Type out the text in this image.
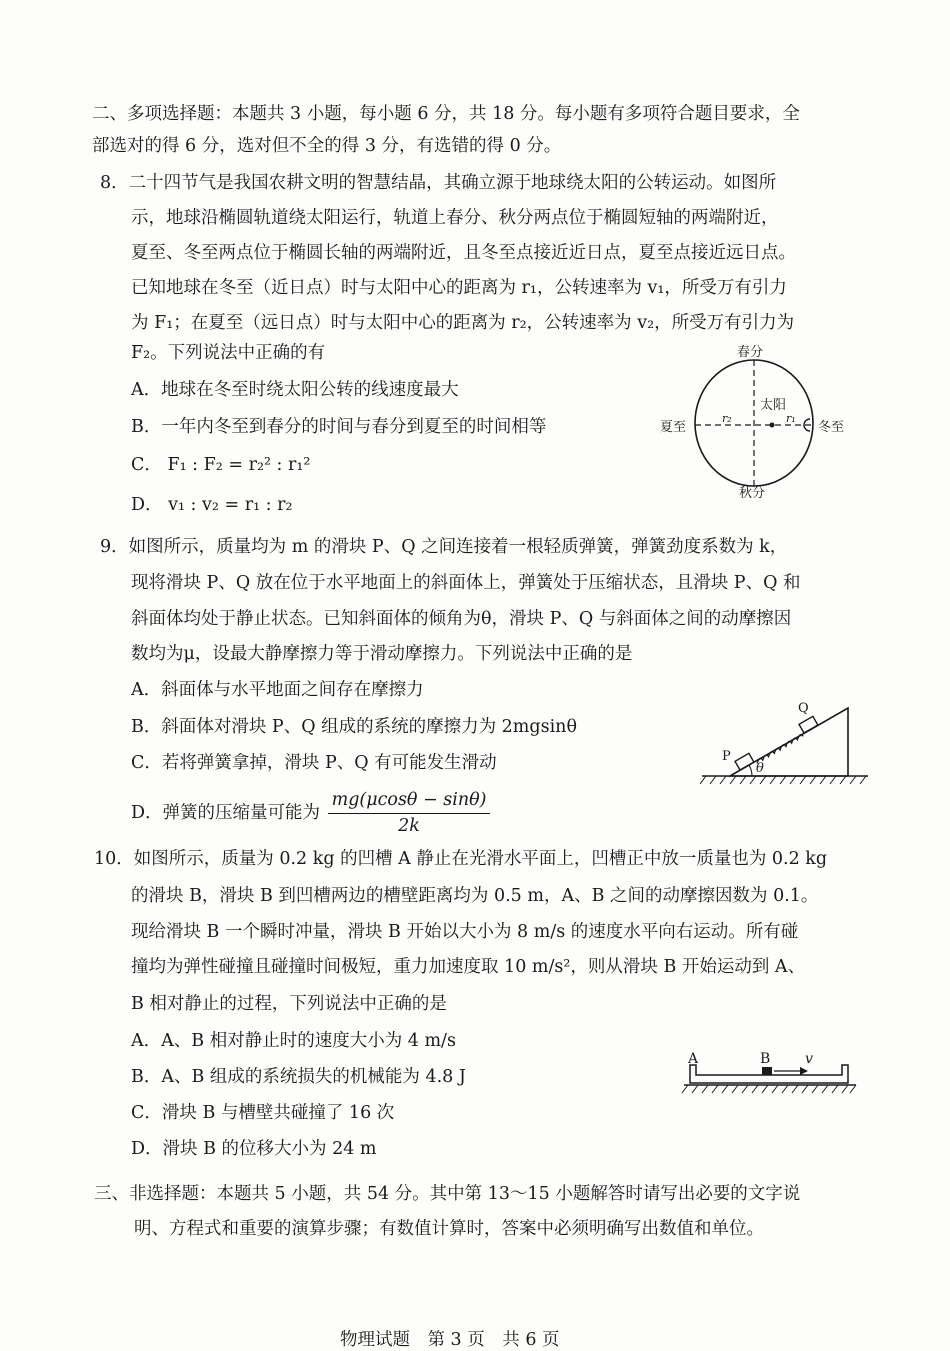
二、多项选择题：本题共 3 小题，每小题 6 分，共 18 分。每小题有多项符合题目要求，全
部选对的得 6 分，选对但不全的得 3 分，有选错的得 0 分。
8．二十四节气是我国农耕文明的智慧结晶，其确立源于地球绕太阳的公转运动。如图所
示，地球沿椭圆轨道绕太阳运行，轨道上春分、秋分两点位于椭圆短轴的两端附近，
夏至、冬至两点位于椭圆长轴的两端附近，且冬至点接近近日点，夏至点接近远日点。
已知地球在冬至（近日点）时与太阳中心的距离为 r₁，公转速率为 v₁，所受万有引力
为 F₁；在夏至（远日点）时与太阳中心的距离为 r₂，公转速率为 v₂，所受万有引力为
F₂。下列说法中正确的有
A．地球在冬至时绕太阳公转的线速度最大
B．一年内冬至到春分的时间与春分到夏至的时间相等
C． F₁ : F₂ = r₂² : r₁²
D． v₁ : v₂ = r₁ : r₂
春分
秋分
夏至	冬至
太阳
r₂	r₁
9．如图所示，质量均为 m 的滑块 P、Q 之间连接着一根轻质弹簧，弹簧劲度系数为 k，
现将滑块 P、Q 放在位于水平地面上的斜面体上，弹簧处于压缩状态，且滑块 P、Q 和
斜面体均处于静止状态。已知斜面体的倾角为θ，滑块 P、Q 与斜面体之间的动摩擦因
数均为μ，设最大静摩擦力等于滑动摩擦力。下列说法中正确的是
A．斜面体与水平地面之间存在摩擦力
B．斜面体对滑块 P、Q 组成的系统的摩擦力为 2mgsinθ
C．若将弹簧拿掉，滑块 P、Q 有可能发生滑动
D．弹簧的压缩量可能为 $\frac{mg(\mu\cos\theta - \sin\theta)}{2k}$
P
Q
θ
10．如图所示，质量为 0.2 kg 的凹槽 A 静止在光滑水平面上，凹槽正中放一质量也为 0.2 kg
的滑块 B，滑块 B 到凹槽两边的槽壁距离均为 0.5 m，A、B 之间的动摩擦因数为 0.1。
现给滑块 B 一个瞬时冲量，滑块 B 开始以大小为 8 m/s 的速度水平向右运动。所有碰
撞均为弹性碰撞且碰撞时间极短，重力加速度取 10 m/s²，则从滑块 B 开始运动到 A、
B 相对静止的过程，下列说法中正确的是
A．A、B 相对静止时的速度大小为 4 m/s
B．A、B 组成的系统损失的机械能为 4.8 J
C．滑块 B 与槽壁共碰撞了 16 次
D．滑块 B 的位移大小为 24 m
A	B v
三、非选择题：本题共 5 小题，共 54 分。其中第 13～15 小题解答时请写出必要的文字说
明、方程式和重要的演算步骤；有数值计算时，答案中必须明确写出数值和单位。
物理试题　第 3 页　共 6 页
